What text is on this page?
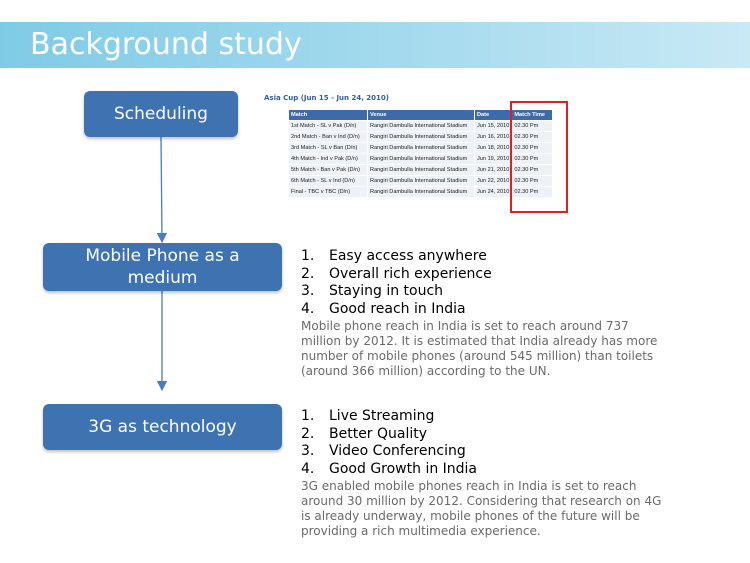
Background study
Scheduling
Mobile Phone as a medium
3G as technology
Asia Cup (Jun 15 - Jun 24, 2010)
Match	Venue	Date	Match Time
1st Match - SL v Pak (D/n)	Rangiri Dambulla International Stadium	Jun 15, 2010	02.30 Pm
2nd Match - Ban v Ind (D/n)	Rangiri Dambulla International Stadium	Jun 16, 2010	02.30 Pm
3rd Match - SL v Ban (D/n)	Rangiri Dambulla International Stadium	Jun 18, 2010	02.30 Pm
4th Match - Ind v Pak (D/n)	Rangiri Dambulla International Stadium	Jun 19, 2010	02.30 Pm
5th Match - Ban v Pak (D/n)	Rangiri Dambulla International Stadium	Jun 21, 2010	02.30 Pm
6th Match - SL v Ind (D/n)	Rangiri Dambulla International Stadium	Jun 22, 2010	02.30 Pm
Final - TBC v TBC (D/n)	Rangiri Dambulla International Stadium	Jun 24, 2010	02.30 Pm
1. Easy access anywhere
2. Overall rich experience
3. Staying in touch
4. Good reach in India
Mobile phone reach in India is set to reach around 737 million by 2012. It is estimated that India already has more number of mobile phones (around 545 million) than toilets (around 366 million) according to the UN.
1. Live Streaming
2. Better Quality
3. Video Conferencing
4. Good Growth in India
3G enabled mobile phones reach in India is set to reach around 30 million by 2012. Considering that research on 4G is already underway, mobile phones of the future will be providing a rich multimedia experience.
